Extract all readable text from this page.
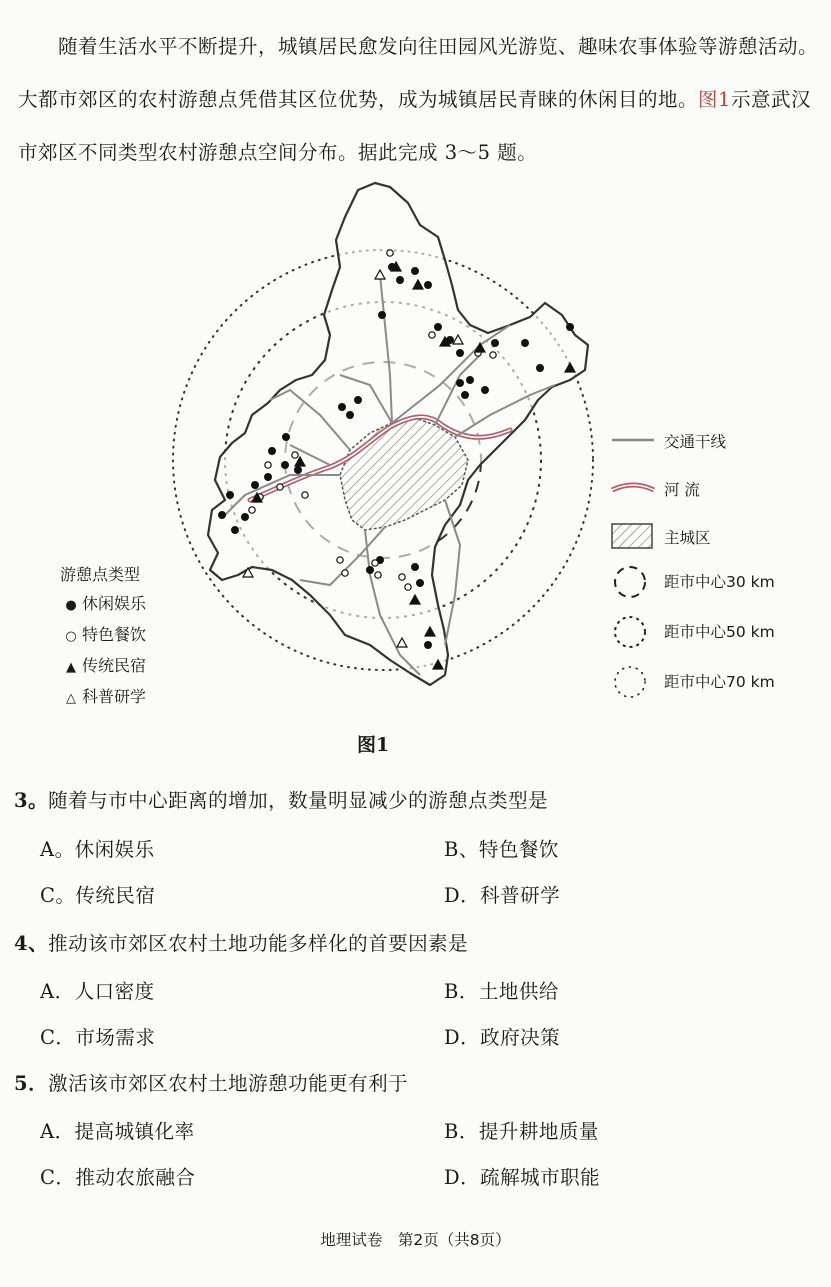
随着生活水平不断提升，城镇居民愈发向往田园风光游览、趣味农事体验等游憩活动。
大都市郊区的农村游憩点凭借其区位优势，成为城镇居民青睐的休闲目的地。图1示意武汉
市郊区不同类型农村游憩点空间分布。据此完成 3～5 题。
游憩点类型
● 休闲娱乐
○ 特色餐饮
▲ 传统民宿
△ 科普研学
交通干线
河 流
主城区
距市中心30 km
距市中心50 km
距市中心70 km
图1
3。随着与市中心距离的增加，数量明显减少的游憩点类型是
A。休闲娱乐	B、特色餐饮
C。传统民宿	D．科普研学
4、推动该市郊区农村土地功能多样化的首要因素是
A．人口密度	B．土地供给
C．市场需求	D．政府决策
5．激活该市郊区农村土地游憩功能更有利于
A．提高城镇化率	B．提升耕地质量
C．推动农旅融合	D．疏解城市职能
地理试卷　第2页（共8页）
